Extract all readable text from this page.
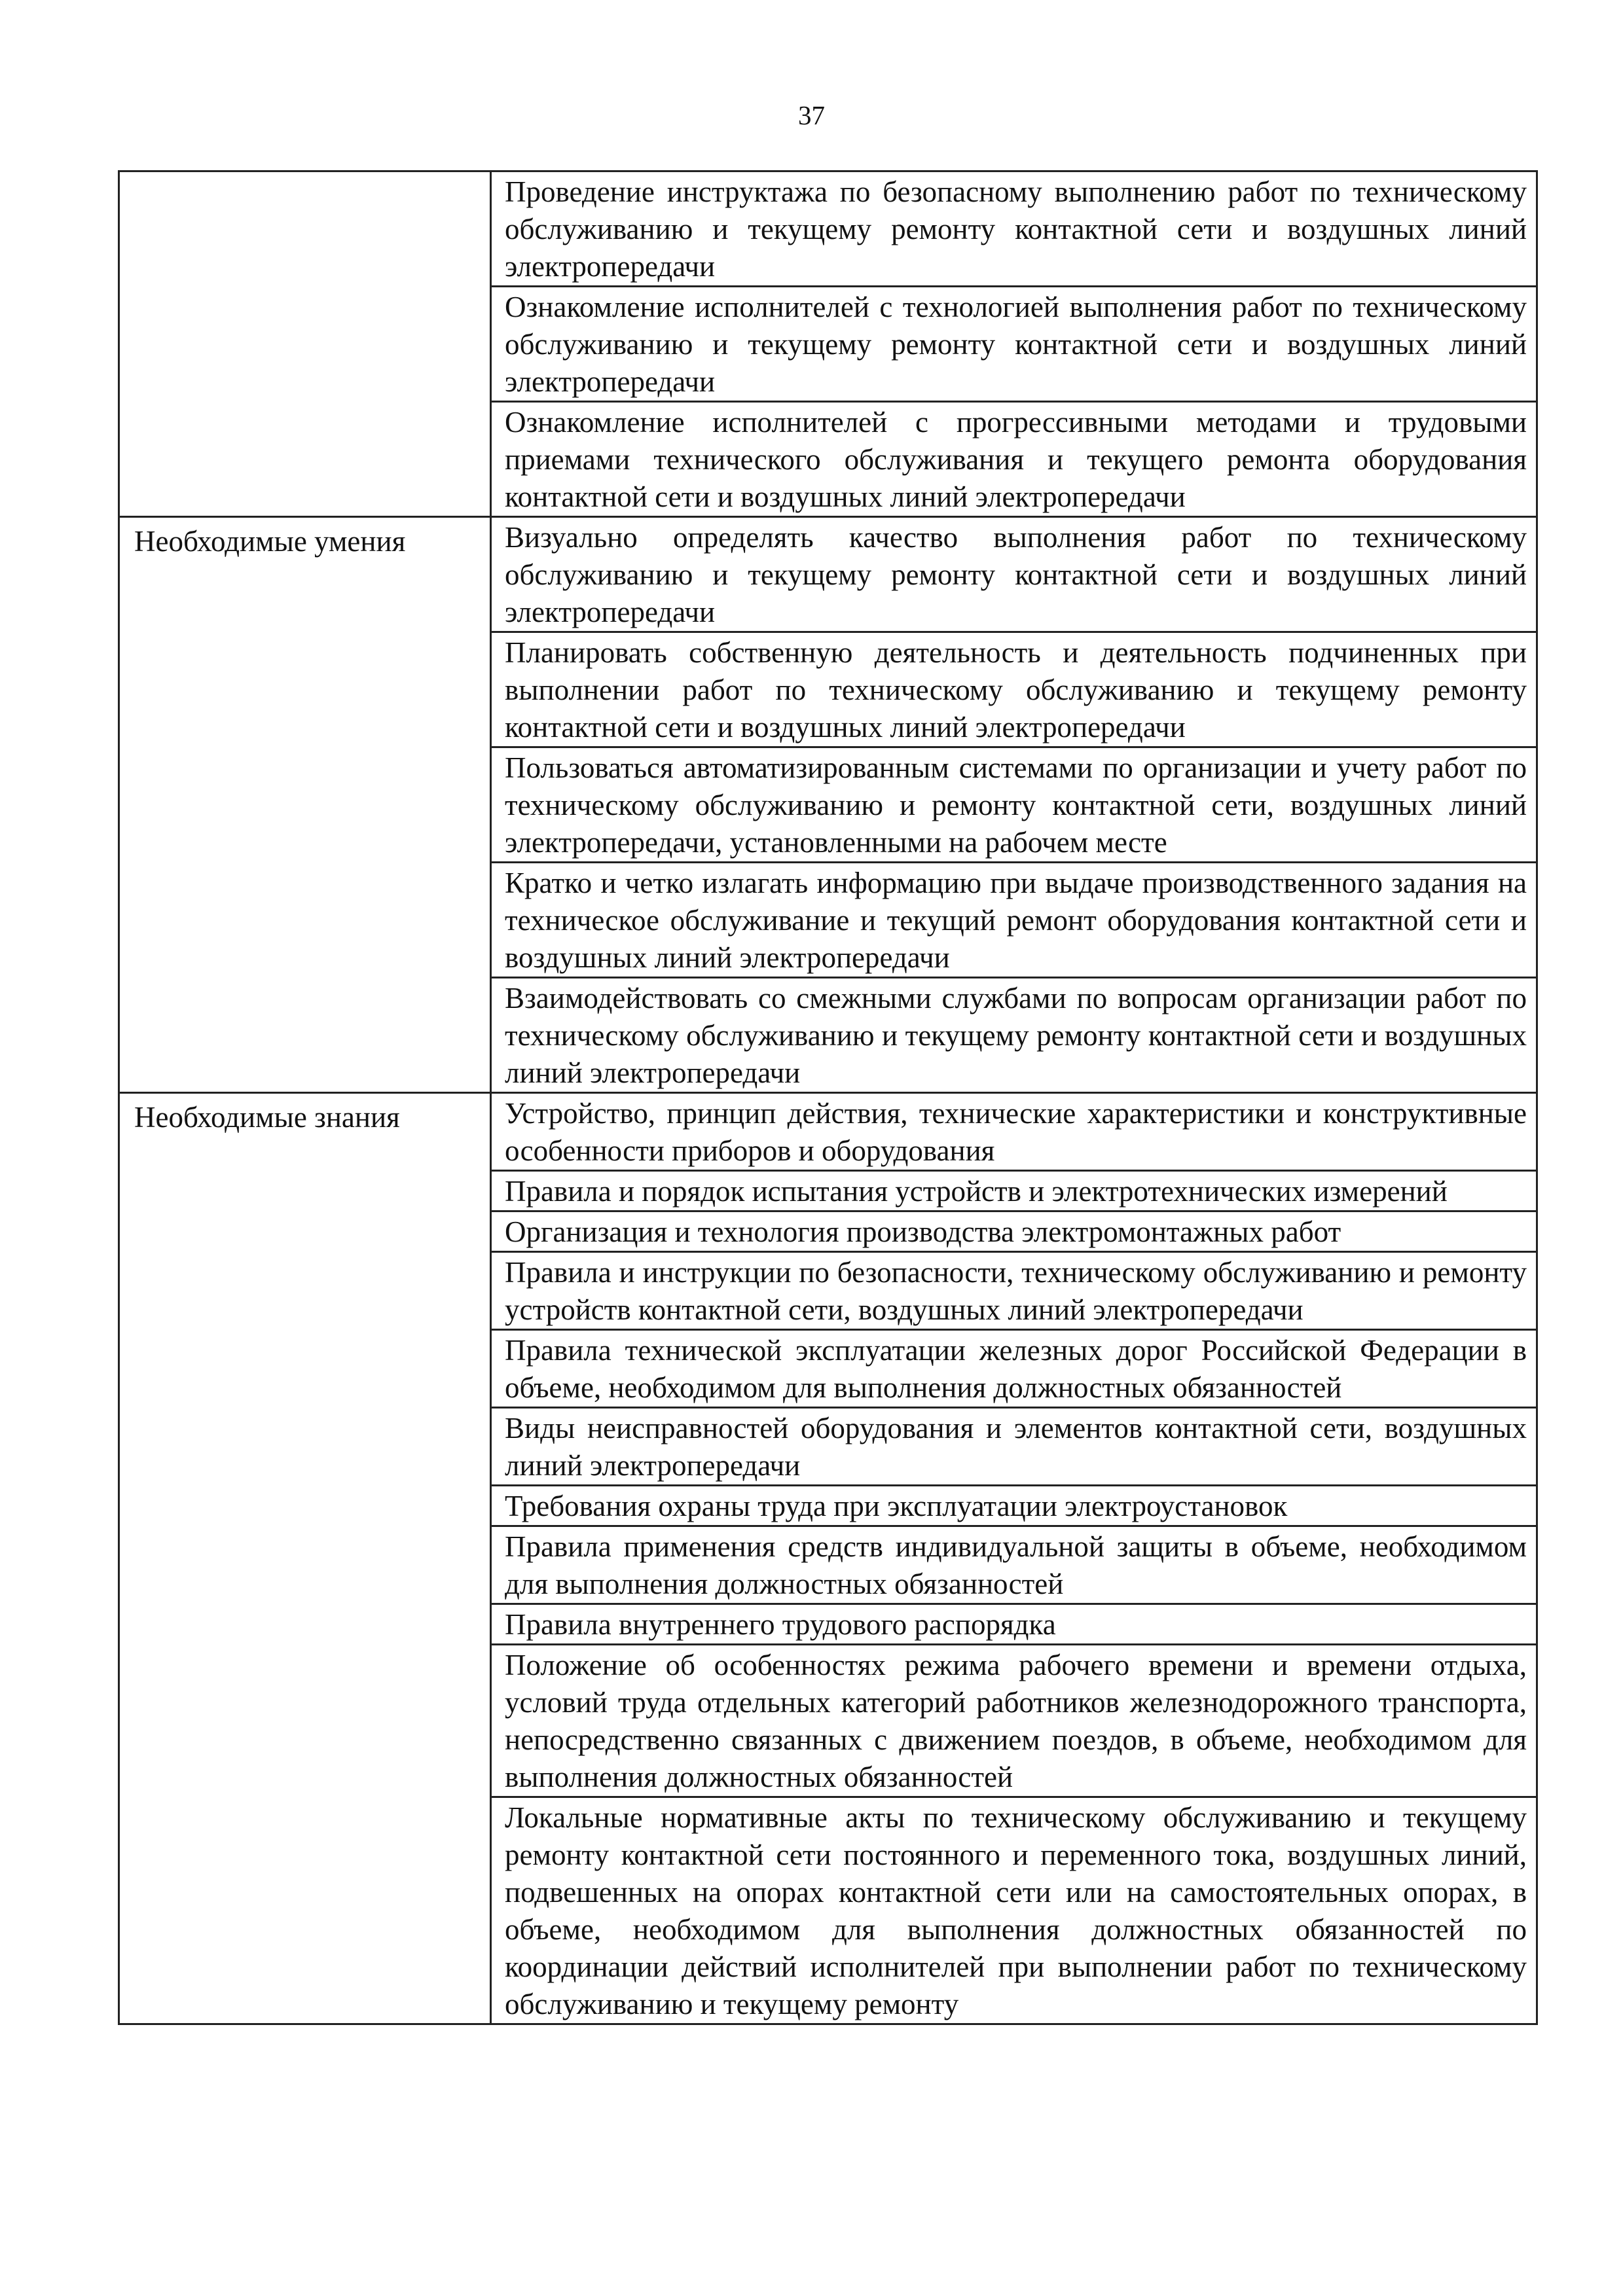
37
	Проведение инструктажа по безопасному выполнению работ по техническому обслуживанию и текущему ремонту контактной сети и воздушных линий электропередачи
	Ознакомление исполнителей с технологией выполнения работ по техническому обслуживанию и текущему ремонту контактной сети и воздушных линий электропередачи
	Ознакомление исполнителей с прогрессивными методами и трудовыми приемами технического обслуживания и текущего ремонта оборудования контактной сети и воздушных линий электропередачи
Необходимые умения	Визуально определять качество выполнения работ по техническому обслуживанию и текущему ремонту контактной сети и воздушных линий электропередачи
	Планировать собственную деятельность и деятельность подчиненных при выполнении работ по техническому обслуживанию и текущему ремонту контактной сети и воздушных линий электропередачи
	Пользоваться автоматизированным системами по организации и учету работ по техническому обслуживанию и ремонту контактной сети, воздушных линий электропередачи, установленными на рабочем месте
	Кратко и четко излагать информацию при выдаче производственного задания на техническое обслуживание и текущий ремонт оборудования контактной сети и воздушных линий электропередачи
	Взаимодействовать со смежными службами по вопросам организации работ по техническому обслуживанию и текущему ремонту контактной сети и воздушных линий электропередачи
Необходимые знания	Устройство, принцип действия, технические характеристики и конструктивные особенности приборов и оборудования
	Правила и порядок испытания устройств и электротехнических измерений
	Организация и технология производства электромонтажных работ
	Правила и инструкции по безопасности, техническому обслуживанию и ремонту устройств контактной сети, воздушных линий электропередачи
	Правила технической эксплуатации железных дорог Российской Федерации в объеме, необходимом для выполнения должностных обязанностей
	Виды неисправностей оборудования и элементов контактной сети, воздушных линий электропередачи
	Требования охраны труда при эксплуатации электроустановок
	Правила применения средств индивидуальной защиты в объеме, необходимом для выполнения должностных обязанностей
	Правила внутреннего трудового распорядка
	Положение об особенностях режима рабочего времени и времени отдыха, условий труда отдельных категорий работников железнодорожного транспорта, непосредственно связанных с движением поездов, в объеме, необходимом для выполнения должностных обязанностей
	Локальные нормативные акты по техническому обслуживанию и текущему ремонту контактной сети постоянного и переменного тока, воздушных линий, подвешенных на опорах контактной сети или на самостоятельных опорах, в объеме, необходимом для выполнения должностных обязанностей по координации действий исполнителей при выполнении работ по техническому обслуживанию и текущему ремонту
